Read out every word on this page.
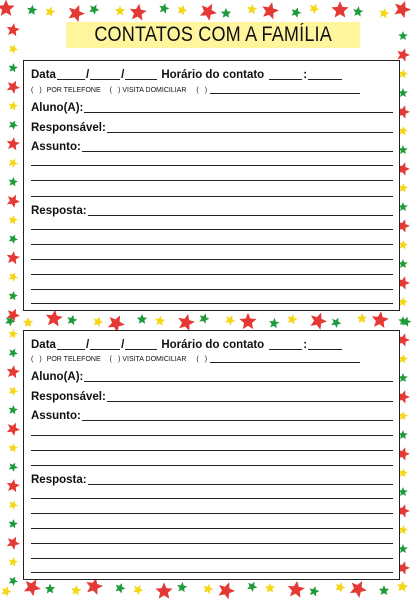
CONTATOS COM A FAMÍLIA
Data	/	/	Horário do contato	:
( ) POR TELEFONE ( ) VISITA DOMICILIAR ( )
Aluno(A):
Responsável:
Assunto:
Resposta:
Data	/	/	Horário do contato	:
( ) POR TELEFONE ( ) VISITA DOMICILIAR ( )
Aluno(A):
Responsável:
Assunto:
Resposta:
